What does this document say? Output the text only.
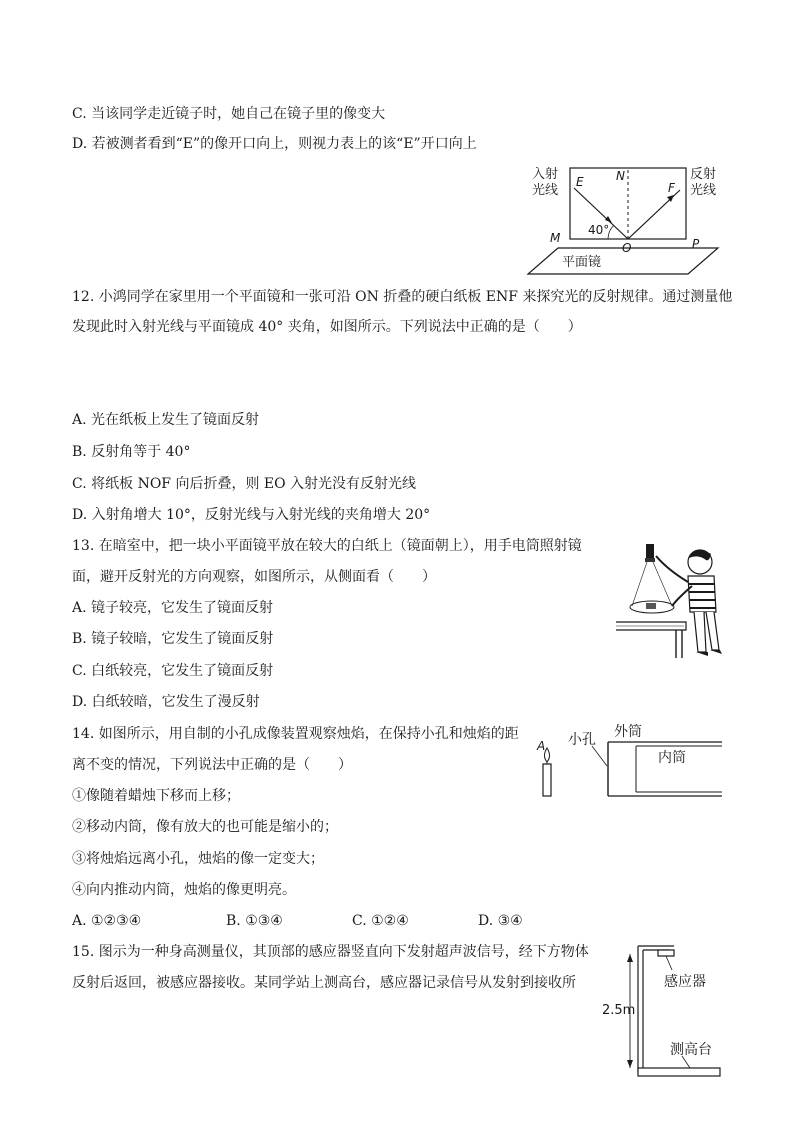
C. 当该同学走近镜子时，她自己在镜子里的像变大
D. 若被测者看到“E”的像开口向上，则视力表上的该“E”开口向上
入射
光线
反射
光线
E	N
F
M
O	P
40°
平面镜
12. 小鸿同学在家里用一个平面镜和一张可沿 ON 折叠的硬白纸板 ENF 来探究光的反射规律。通过测量他
发现此时入射光线与平面镜成 40° 夹角，如图所示。下列说法中正确的是（　　）
A. 光在纸板上发生了镜面反射
B. 反射角等于 40°
C. 将纸板 NOF 向后折叠，则 EO 入射光没有反射光线
D. 入射角增大 10°，反射光线与入射光线的夹角增大 20°
13. 在暗室中，把一块小平面镜平放在较大的白纸上（镜面朝上），用手电筒照射镜
面，避开反射光的方向观察，如图所示，从侧面看（　　）
A. 镜子较亮，它发生了镜面反射
B. 镜子较暗，它发生了镜面反射
C. 白纸较亮，它发生了镜面反射
D. 白纸较暗，它发生了漫反射
14. 如图所示，用自制的小孔成像装置观察烛焰，在保持小孔和烛焰的距
离不变的情况，下列说法中正确的是（　　）
①像随着蜡烛下移而上移；
②移动内筒，像有放大的也可能是缩小的；
③将烛焰远离小孔，烛焰的像一定变大；
④向内推动内筒，烛焰的像更明亮。
A. ①②③④	B. ①③④	C. ①②④	D. ③④
A 小孔 外筒
内筒
15. 图示为一种身高测量仪，其顶部的感应器竖直向下发射超声波信号，经下方物体
反射后返回，被感应器接收。某同学站上测高台，感应器记录信号从发射到接收所	感应器
2.5m
测高台
